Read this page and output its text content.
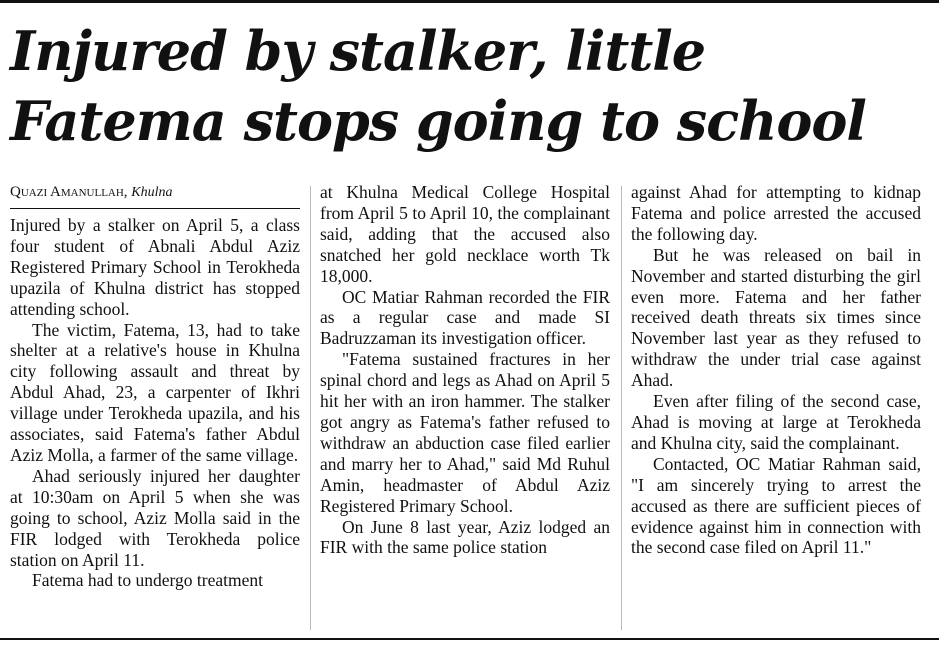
Injured by stalker, little Fatema stops going to school
Quazi Amanullah, Khulna

Injured by a stalker on April 5, a class four student of Abnali Abdul Aziz Registered Primary School in Terokheda upazila of Khulna district has stopped attending school.

The victim, Fatema, 13, had to take shelter at a relative's house in Khulna city following assault and threat by Abdul Ahad, 23, a carpenter of Ikhri village under Terokheda upazila, and his associates, said Fatema's father Abdul Aziz Molla, a farmer of the same village.

Ahad seriously injured her daughter at 10:30am on April 5 when she was going to school, Aziz Molla said in the FIR lodged with Terokheda police station on April 11.

Fatema had to undergo treatment

at Khulna Medical College Hospital from April 5 to April 10, the complainant said, adding that the accused also snatched her gold necklace worth Tk 18,000.

OC Matiar Rahman recorded the FIR as a regular case and made SI Badruzzaman its investigation officer.

"Fatema sustained fractures in her spinal chord and legs as Ahad on April 5 hit her with an iron hammer. The stalker got angry as Fatema's father refused to withdraw an abduction case filed earlier and marry her to Ahad," said Md Ruhul Amin, headmaster of Abdul Aziz Registered Primary School.

On June 8 last year, Aziz lodged an FIR with the same police station

against Ahad for attempting to kidnap Fatema and police arrested the accused the following day.

But he was released on bail in November and started disturbing the girl even more. Fatema and her father received death threats six times since November last year as they refused to withdraw the under trial case against Ahad.

Even after filing of the second case, Ahad is moving at large at Terokheda and Khulna city, said the complainant.

Contacted, OC Matiar Rahman said, "I am sincerely trying to arrest the accused as there are sufficient pieces of evidence against him in connection with the second case filed on April 11."
